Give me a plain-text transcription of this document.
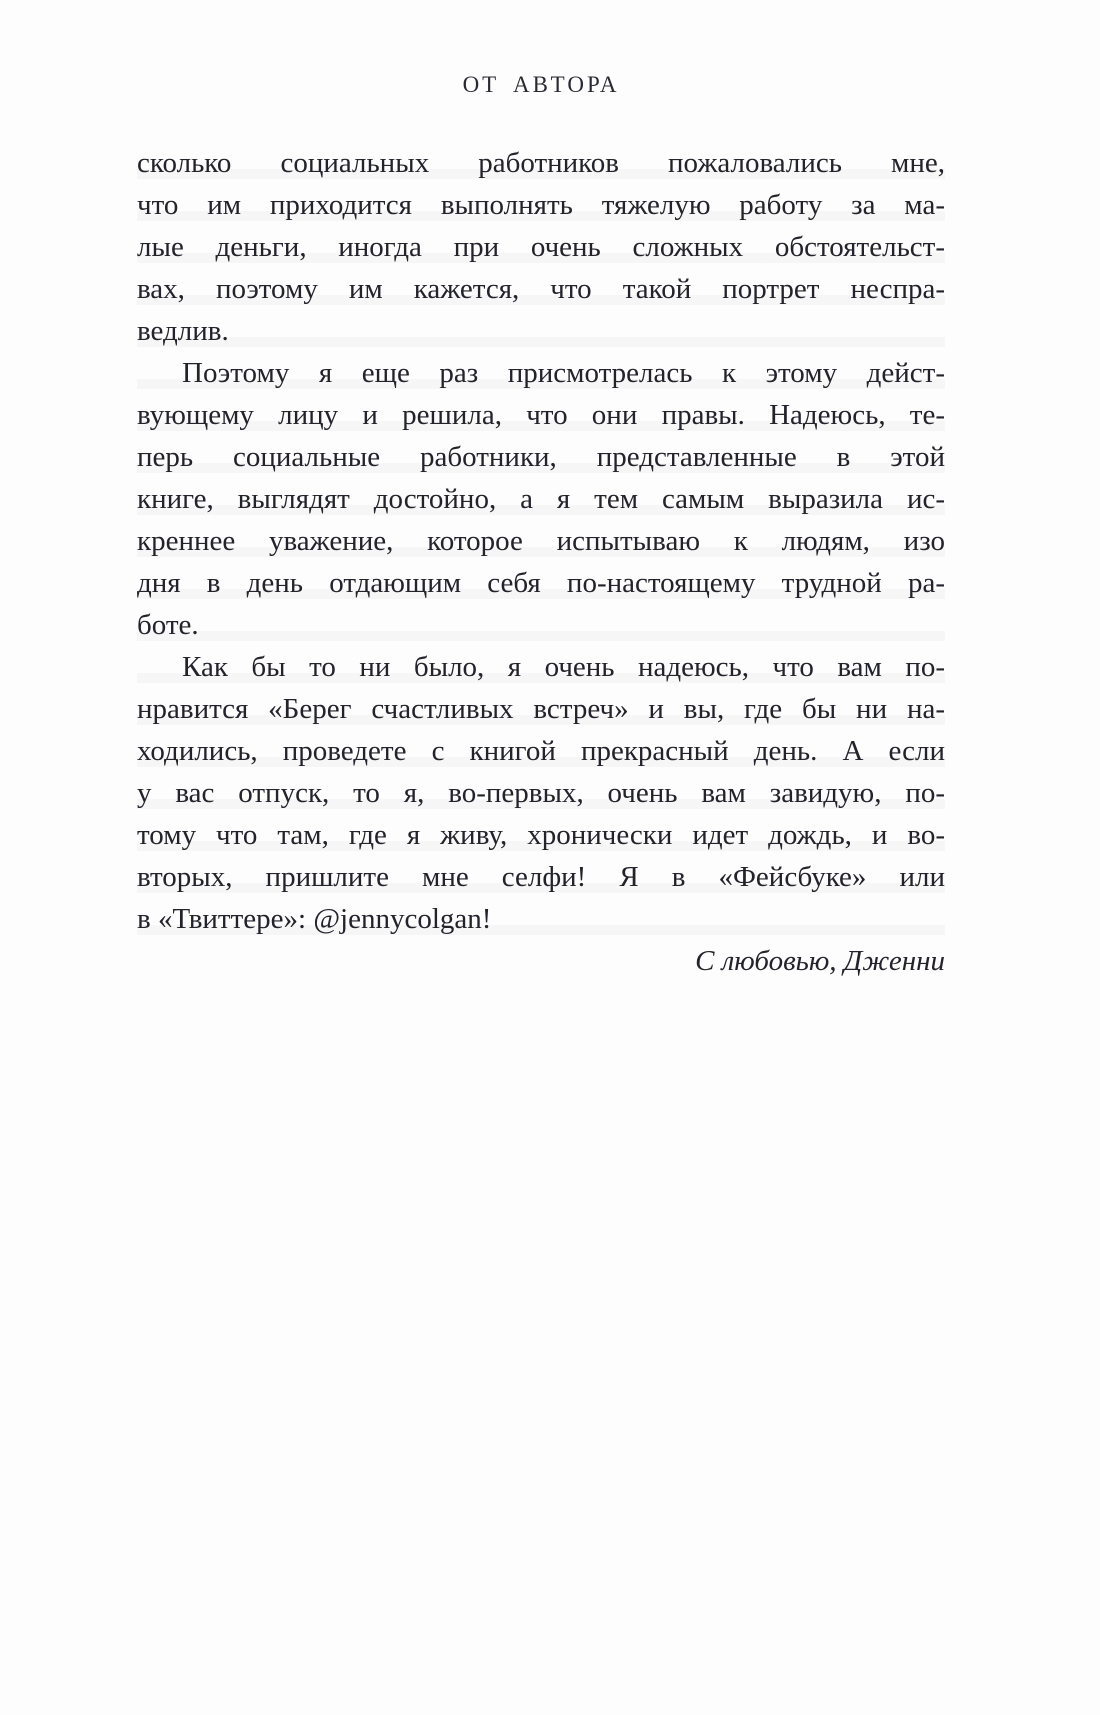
ОТ АВТОРА
сколько социальных работников пожаловались мне,
что им приходится выполнять тяжелую работу за ма-
лые деньги, иногда при очень сложных обстоятельст-
вах, поэтому им кажется, что такой портрет неспра-
ведлив.
Поэтому я еще раз присмотрелась к этому дейст-
вующему лицу и решила, что они правы. Надеюсь, те-
перь социальные работники, представленные в этой
книге, выглядят достойно, а я тем самым выразила ис-
креннее уважение, которое испытываю к людям, изо
дня в день отдающим себя по-настоящему трудной ра-
боте.
Как бы то ни было, я очень надеюсь, что вам по-
нравится «Берег счастливых встреч» и вы, где бы ни на-
ходились, проведете с книгой прекрасный день. А если
у вас отпуск, то я, во-первых, очень вам завидую, по-
тому что там, где я живу, хронически идет дождь, и во-
вторых, пришлите мне селфи! Я в «Фейсбуке» или
в «Твиттере»: @jennycolgan!
С любовью, Дженни
